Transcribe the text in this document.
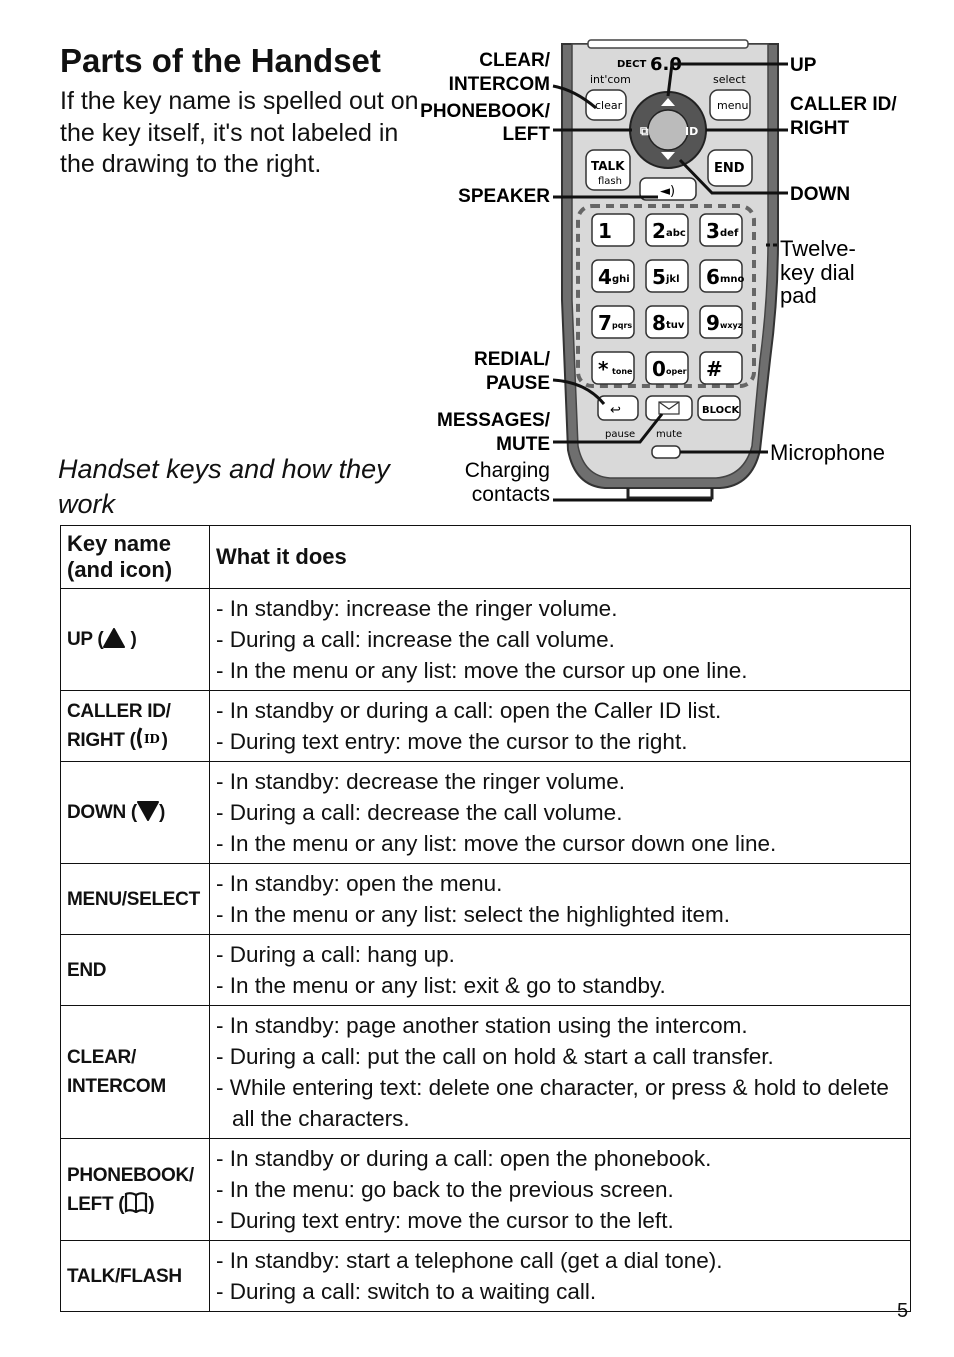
Parts of the Handset

If the key name is spelled out on the key itself, it's not labeled in the drawing to the right.

Handset keys and how they work

DECT 6.0
int'com	select
clear	menu
⧉	ID
TALK
flash
END
◄)
1 2 abc 3 def
4 ghi 5 jkl 6 mno
7 pqrs 8 tuv 9 wxyz
* tone 0 oper #
↩	BLOCK
pause mute
CLEAR/
INTERCOM
PHONEBOOK/
LEFT
SPEAKER
REDIAL/
PAUSE
MESSAGES/
MUTE
Charging
contacts
UP
CALLER ID/
RIGHT
DOWN
Twelve-
key dial
pad
Microphone
Key name (and icon)	What it does
UP ( )	- In standby: increase the ringer volume.
- During a call: increase the call volume.
- In the menu or any list: move the cursor up one line.

CALLER ID/
RIGHT ( ID )	- In standby or during a call: open the Caller ID list.
- During text entry: move the cursor to the right.

DOWN ( )	- In standby: decrease the ringer volume.
- During a call: decrease the call volume.
- In the menu or any list: move the cursor down one line.

MENU/SELECT	- In standby: open the menu.
- In the menu or any list: select the highlighted item.

END	- During a call: hang up.
- In the menu or any list: exit & go to standby.

CLEAR/
INTERCOM	- In standby: page another station using the intercom.
- During a call: put the call on hold & start a call transfer.
- While entering text: delete one character, or press & hold to delete all the characters.

PHONEBOOK/
LEFT ( )	- In standby or during a call: open the phonebook.
- In the menu: go back to the previous screen.
- During text entry: move the cursor to the left.

TALK/FLASH	- In standby: start a telephone call (get a dial tone).
- During a call: switch to a waiting call.
5
